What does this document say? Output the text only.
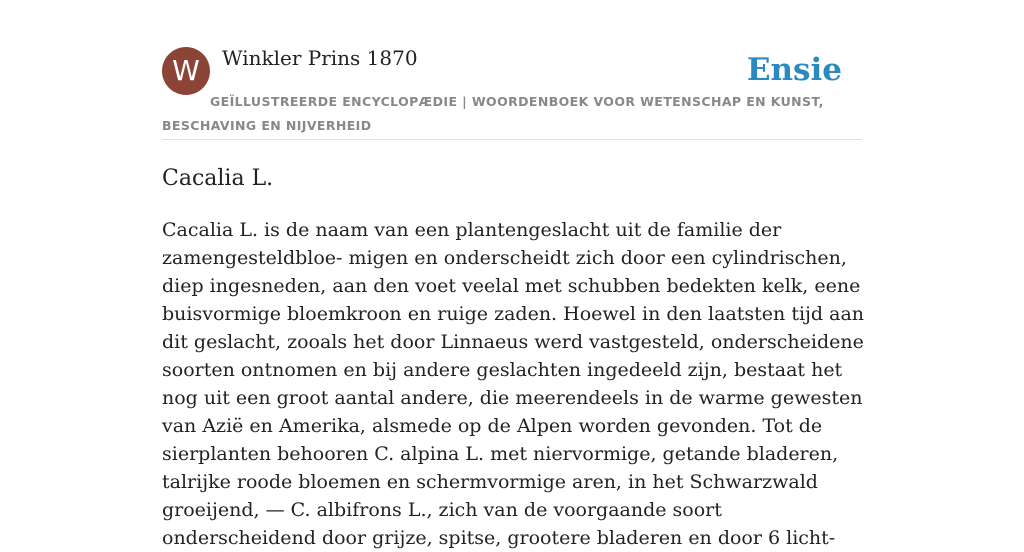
W	Winkler Prins 1870	Ensie
GEÏLLUSTREERDE ENCYCLOPÆDIE | WOORDENBOEK VOOR WETENSCHAP EN KUNST, BESCHAVING EN NIJVERHEID
Cacalia L.

Cacalia L. is de naam van een plantengeslacht uit de familie der zamengesteldbloe- migen en onderscheidt zich door een cylindrischen, diep ingesneden, aan den voet veelal met schubben bedekten kelk, eene buisvormige bloemkroon en ruige zaden. Hoewel in den laatsten tijd aan dit geslacht, zooals het door Linnaeus werd vastgesteld, onderscheidene soorten ontnomen en bij andere geslachten ingedeeld zijn, bestaat het nog uit een groot aantal andere, die meerendeels in de warme gewesten van Azië en Amerika, alsmede op de Alpen worden gevonden. Tot de sierplanten behooren C. alpina L. met niervormige, getande bladeren, talrijke roode bloemen en schermvormige aren, in het Schwarzwald groeijend, — C. albifrons L., zich van de voorgaande soort onderscheidend door grijze, spitse, grootere bladeren en door 6 licht-
